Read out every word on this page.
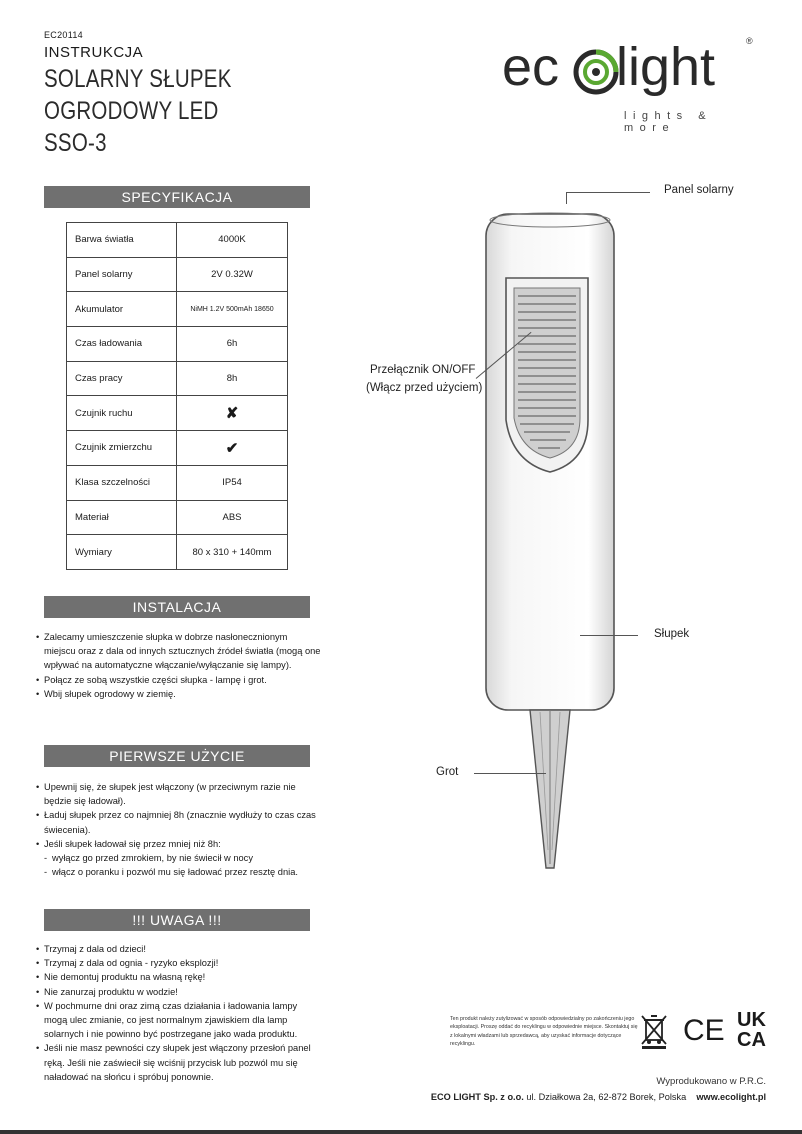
EC20114
INSTRUKCJA
SOLARNY SŁUPEK
OGRODOWY LED
SSO-3
ec light	®
lights & more
SPECYFIKACJA
Barwa światła	4000K
Panel solarny	2V 0.32W
Akumulator	NiMH 1.2V 500mAh 18650
Czas ładowania	6h
Czas pracy	8h
Czujnik ruchu	✘
Czujnik zmierzchu	✔
Klasa szczelności	IP54
Materiał	ABS
Wymiary	80 x 310 + 140mm
INSTALACJA
• Zalecamy umieszczenie słupka w dobrze nasłonecznionym miejscu oraz z dala od innych sztucznych źródeł światła (mogą one wpływać na automatyczne włączanie/wyłączanie się lampy).
• Połącz ze sobą wszystkie części słupka - lampę i grot.
• Wbij słupek ogrodowy w ziemię.
PIERWSZE UŻYCIE
• Upewnij się, że słupek jest włączony (w przeciwnym razie nie będzie się ładował).
• Ładuj słupek przez co najmniej 8h (znacznie wydłuży to czas czas świecenia).
• Jeśli słupek ładował się przez mniej niż 8h:
- wyłącz go przed zmrokiem, by nie świecił w nocy
- włącz o poranku i pozwól mu się ładować przez resztę dnia.
!!! UWAGA !!!
• Trzymaj z dala od dzieci!
• Trzymaj z dala od ognia - ryzyko eksplozji!
• Nie demontuj produktu na własną rękę!
• Nie zanurzaj produktu w wodzie!
• W pochmurne dni oraz zimą czas działania i ładowania lampy mogą ulec zmianie, co jest normalnym zjawiskiem dla lamp solarnych i nie powinno być postrzegane jako wada produktu.
• Jeśli nie masz pewności czy słupek jest włączony przesłoń panel ręką. Jeśli nie zaświecił się wciśnij przycisk lub pozwól mu się naładować na słońcu i spróbuj ponownie.
Panel solarny
Przełącznik ON/OFF
(Włącz przed użyciem)
Słupek
Grot
Ten produkt należy zutylizować w sposób odpowiedzialny po zakończeniu jego eksploatacji. Proszę oddać do recyklingu w odpowiednie miejsce. Skontaktuj się z lokalnymi władzami lub sprzedawcą, aby uzyskać informacje dotyczące recyklingu.	CE UK
CA
Wyprodukowano w P.R.C.
ECO LIGHT Sp. z o.o. ul. Działkowa 2a, 62-872 Borek, Polska www.ecolight.pl
